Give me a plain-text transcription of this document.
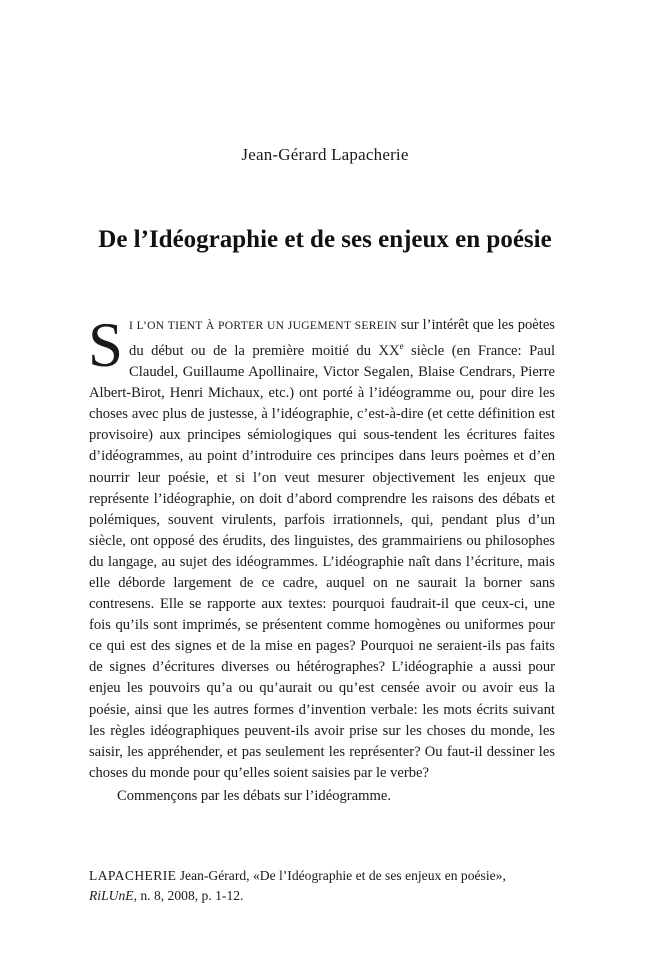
Jean-Gérard Lapacherie
De l’Idéographie et de ses enjeux en poésie

S I L’ON TIENT À PORTER UN JUGEMENT SEREIN sur l’intérêt que les poètes du début ou de la première moitié du XXe siècle (en France: Paul Claudel, Guillaume Apollinaire, Victor Segalen, Blaise Cendrars, Pierre Albert-Birot, Henri Michaux, etc.) ont porté à l’idéogramme ou, pour dire les choses avec plus de justesse, à l’idéographie, c’est-à-dire (et cette définition est provisoire) aux principes sémiologiques qui sous-tendent les écritures faites d’idéogrammes, au point d’introduire ces principes dans leurs poèmes et d’en nourrir leur poésie, et si l’on veut mesurer objectivement les enjeux que représente l’idéographie, on doit d’abord comprendre les raisons des débats et polémiques, souvent virulents, parfois irrationnels, qui, pendant plus d’un siècle, ont opposé des érudits, des linguistes, des grammairiens ou philosophes du langage, au sujet des idéogrammes. L’idéographie naît dans l’écriture, mais elle déborde largement de ce cadre, auquel on ne saurait la borner sans contresens. Elle se rapporte aux textes: pourquoi faudrait-il que ceux-ci, une fois qu’ils sont imprimés, se présentent comme homogènes ou uniformes pour ce qui est des signes et de la mise en pages? Pourquoi ne seraient-ils pas faits de signes d’écritures diverses ou hétérographes? L’idéographie a aussi pour enjeu les pouvoirs qu’a ou qu’aurait ou qu’est censée avoir ou avoir eus la poésie, ainsi que les autres formes d’invention verbale: les mots écrits suivant les règles idéographiques peuvent-ils avoir prise sur les choses du monde, les saisir, les appréhender, et pas seulement les représenter? Ou faut-il dessiner les choses du monde pour qu’elles soient saisies par le verbe?

Commençons par les débats sur l’idéogramme.

LAPACHERIE Jean-Gérard, «De l’Idéographie et de ses enjeux en poésie»,
RiLUnE, n. 8, 2008, p. 1-12.
